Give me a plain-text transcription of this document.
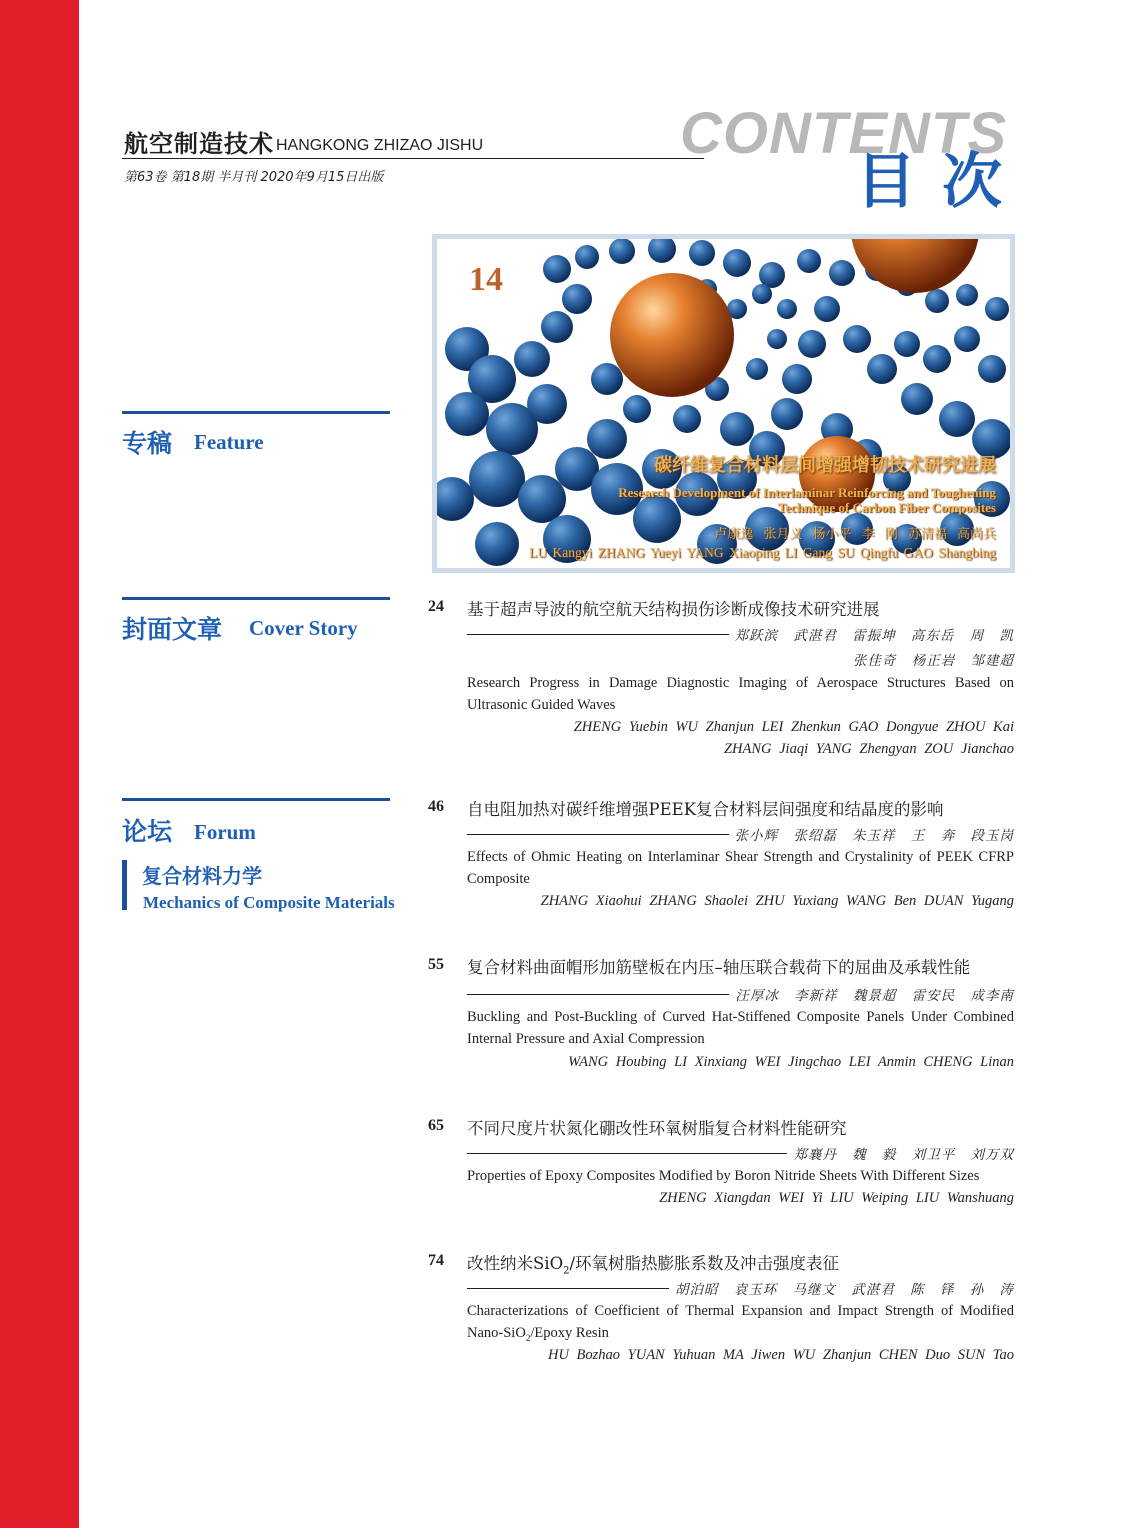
航空制造技术 HANGKONG ZHIZAO JISHU
第63卷 第18期 半月刊 2020年9月15日出版
CONTENTS
目次
专稿 Feature
封面文章 Cover Story
论坛 Forum
复合材料力学
Mechanics of Composite Materials
14
碳纤维复合材料层间增强增韧技术研究进展
Research Development of Interlaminar Reinforcing and Toughening Technique of Carbon Fiber Composites
卢康逸 张月义 杨小平 李 刚 苏清福 高尚兵
LU Kangyi ZHANG Yueyi YANG Xiaoping LI Gang SU Qingfu GAO Shangbing
24 基于超声导波的航空航天结构损伤诊断成像技术研究进展
郑跃滨 武湛君 雷振坤 高东岳 周 凯
张佳奇 杨正岩 邹建超
Research Progress in Damage Diagnostic Imaging of Aerospace Structures Based on Ultrasonic Guided Waves
ZHENG Yuebin WU Zhanjun LEI Zhenkun GAO Dongyue ZHOU Kai
ZHANG Jiaqi YANG Zhengyan ZOU Jianchao
46 自电阻加热对碳纤维增强PEEK复合材料层间强度和结晶度的影响
张小辉 张绍磊 朱玉祥 王 奔 段玉岗
Effects of Ohmic Heating on Interlaminar Shear Strength and Crystalinity of PEEK CFRP Composite
ZHANG Xiaohui ZHANG Shaolei ZHU Yuxiang WANG Ben DUAN Yugang
55 复合材料曲面帽形加筋壁板在内压–轴压联合载荷下的屈曲及承载性能
汪厚冰 李新祥 魏景超 雷安民 成李南
Buckling and Post-Buckling of Curved Hat-Stiffened Composite Panels Under Combined Internal Pressure and Axial Compression
WANG Houbing LI Xinxiang WEI Jingchao LEI Anmin CHENG Linan
65 不同尺度片状氮化硼改性环氧树脂复合材料性能研究
郑襄丹 魏 毅 刘卫平 刘万双
Properties of Epoxy Composites Modified by Boron Nitride Sheets With Different Sizes
ZHENG Xiangdan WEI Yi LIU Weiping LIU Wanshuang
74 改性纳米SiO$_2$/环氧树脂热膨胀系数及冲击强度表征
胡泊昭 袁玉环 马继文 武湛君 陈 铎 孙 涛
Characterizations of Coefficient of Thermal Expansion and Impact Strength of Modified Nano-SiO$_2$/Epoxy Resin
HU Bozhao YUAN Yuhuan MA Jiwen WU Zhanjun CHEN Duo SUN Tao
